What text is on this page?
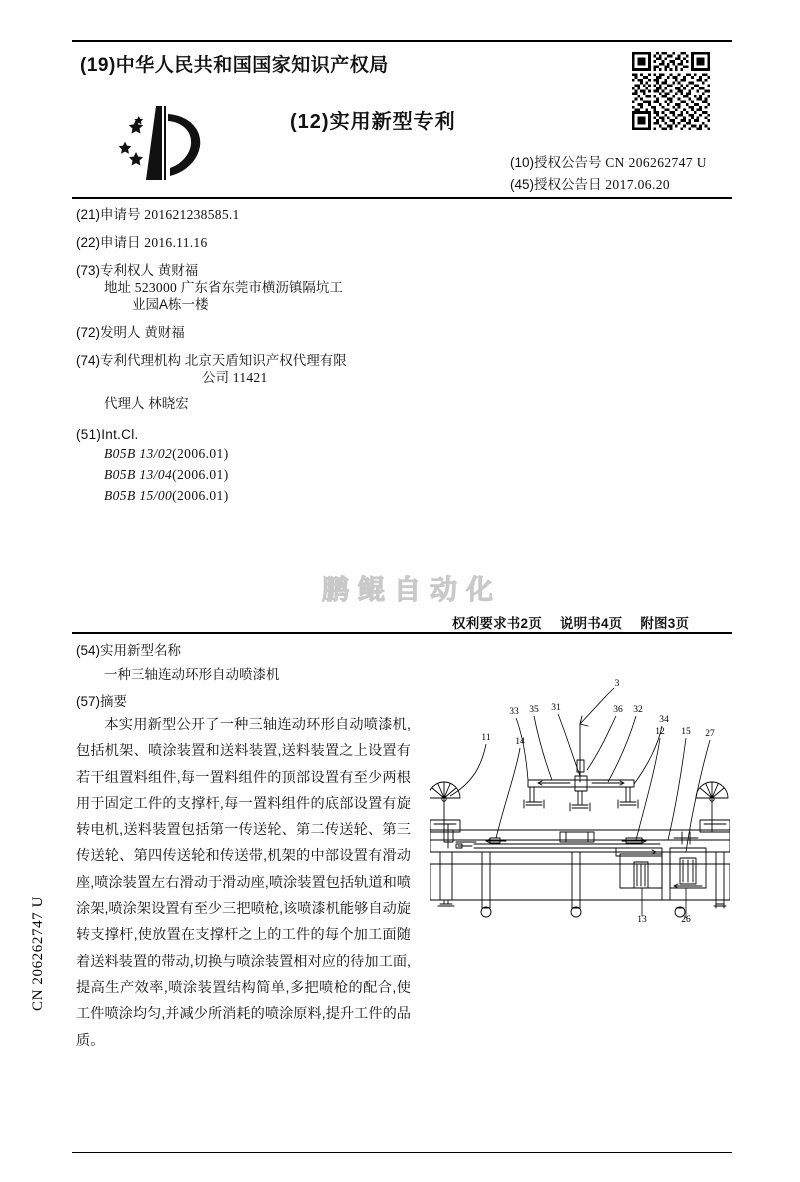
CN 206262747 U
(19)中华人民共和国国家知识产权局
(12)实用新型专利
(10)授权公告号 CN 206262747 U
(45)授权公告日 2017.06.20
(21)申请号 201621238585.1
(22)申请日 2016.11.16
(73)专利权人 黄财福
地址 523000 广东省东莞市横沥镇隔坑工
业园A栋一楼
(72)发明人 黄财福
(74)专利代理机构 北京天盾知识产权代理有限
公司 11421
代理人 林晓宏
(51)Int.Cl.
B05B 13/02(2006.01)
B05B 13/04(2006.01)
B05B 15/00(2006.01)
鹏鲲自动化
权利要求书2页 说明书4页 附图3页
(54)实用新型名称
一种三轴连动环形自动喷漆机
(57)摘要

本实用新型公开了一种三轴连动环形自动喷漆机,包括机架、喷涂装置和送料装置,送料装置之上设置有若干组置料组件,每一置料组件的顶部设置有至少两根用于固定工件的支撑杆,每一置料组件的底部设置有旋转电机,送料装置包括第一传送轮、第二传送轮、第三传送轮、第四传送轮和传送带,机架的中部设置有滑动座,喷涂装置左右滑动于滑动座,喷涂装置包括轨道和喷涂架,喷涂架设置有至少三把喷枪,该喷漆机能够自动旋转支撑杆,使放置在支撑杆之上的工件的每个加工面随着送料装置的带动,切换与喷涂装置相对应的待加工面,提高生产效率,喷涂装置结构简单,多把喷枪的配合,使工件喷涂均匀,并减少所消耗的喷涂原料,提升工件的品质。

3
33 35 31	36 32
34
11	14
12 15 27
13	26
